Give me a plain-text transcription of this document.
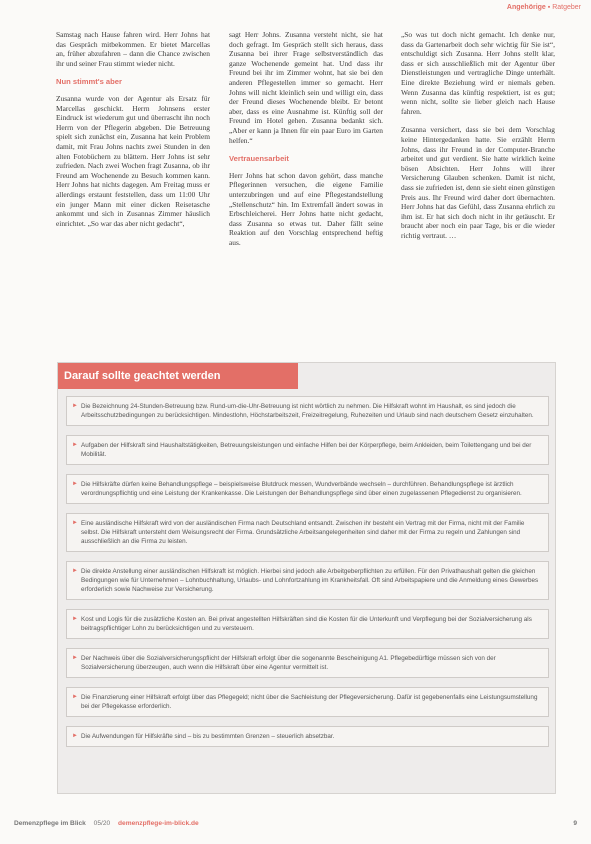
Angehörige ▪ Ratgeber

Samstag nach Hause fahren wird. Herr Johns hat das Gespräch mitbekommen. Er bietet Marcellas an, früher abzufahren – dann die Chance zwischen ihr und seiner Frau stimmt wieder nicht.

Nun stimmt's aber

Zusanna wurde von der Agentur als Ersatz für Marcellas geschickt. Herrn Johnsens erster Eindruck ist wiederum gut und überrascht ihn noch Herrn von der Pflegerin abgeben. Die Betreuung spielt sich zunächst ein, Zusanna hat kein Problem damit, mit Frau Johns nachts zwei Stunden in den alten Fotobüchern zu blättern. Herr Johns ist sehr zufrieden. Nach zwei Wochen fragt Zusanna, ob ihr Freund am Wochenende zu Besuch kommen kann. Herr Johns hat nichts dagegen. Am Freitag muss er allerdings erstaunt feststellen, dass um 11:00 Uhr ein junger Mann mit einer dicken Reisetasche ankommt und sich in Zusannas Zimmer häuslich einrichtet. „So war das aber nicht gedacht“,

sagt Herr Johns. Zusanna versteht nicht, sie hat doch gefragt. Im Gespräch stellt sich heraus, dass Zusanna bei ihrer Frage selbstverständlich das ganze Wochenende gemeint hat. Und dass ihr Freund bei ihr im Zimmer wohnt, hat sie bei den anderen Pflegestellen immer so gemacht. Herr Johns will nicht kleinlich sein und willigt ein, dass der Freund dieses Wochenende bleibt. Er betont aber, dass es eine Ausnahme ist. Künftig soll der Freund im Hotel gehen. Zusanna bedankt sich. „Aber er kann ja Ihnen für ein paar Euro im Garten helfen.“

Vertrauensarbeit

Herr Johns hat schon davon gehört, dass manche Pflegerinnen versuchen, die eigene Familie unterzubringen und auf eine Pflegestandstellung „Stellenschutz“ hin. Im Extremfall ändert sowas in Erbschleicherei. Herr Johns hatte nicht gedacht, dass Zusanna so etwas tut. Daher fällt seine Reaktion auf den Vorschlag entsprechend heftig aus.

„So was tut doch nicht gemacht. Ich denke nur, dass da Gartenarbeit doch sehr wichtig für Sie ist“, entschuldigt sich Zusanna. Herr Johns stellt klar, dass er sich ausschließlich mit der Agentur über Dienstleistungen und vertragliche Dinge unterhält. Eine direkte Beziehung wird er niemals geben. Wenn Zusanna das künftig respektiert, ist es gut; wenn nicht, sollte sie lieber gleich nach Hause fahren.

Zusanna versichert, dass sie bei dem Vorschlag keine Hintergedanken hatte. Sie erzählt Herrn Johns, dass ihr Freund in der Computer-Branche arbeitet und gut verdient. Sie hatte wirklich keine bösen Absichten. Herr Johns will ihrer Versicherung Glauben schenken. Damit ist nicht, dass sie zufrieden ist, denn sie sieht einen günstigen Preis aus. Ihr Freund wird daher dort übernachten. Herr Johns hat das Gefühl, dass Zusanna ehrlich zu ihm ist. Er hat sich doch nicht in ihr getäuscht. Er braucht aber noch ein paar Tage, bis er die wieder richtig vertraut. …

Darauf sollte geachtet werden
► Die Bezeichnung 24-Stunden-Betreuung bzw. Rund-um-die-Uhr-Betreuung ist nicht wörtlich zu nehmen. Die Hilfskraft wohnt im Haushalt, es sind jedoch die Arbeitsschutzbedingungen zu berücksichtigen. Mindestlohn, Höchstarbeitszeit, Freizeitregelung, Ruhezeiten und Urlaub sind nach deutschem Gesetz einzuhalten.
► Aufgaben der Hilfskraft sind Haushaltstätigkeiten, Betreuungsleistungen und einfache Hilfen bei der Körperpflege, beim Ankleiden, beim Toilettengang und bei der Mobilität.
► Die Hilfskräfte dürfen keine Behandlungspflege – beispielsweise Blutdruck messen, Wundverbände wechseln – durchführen. Behandlungspflege ist ärztlich verordnungspflichtig und eine Leistung der Krankenkasse. Die Leistungen der Behandlungspflege sind über einen zugelassenen Pflegedienst zu organisieren.
► Eine ausländische Hilfskraft wird von der ausländischen Firma nach Deutschland entsandt. Zwischen ihr besteht ein Vertrag mit der Firma, nicht mit der Familie selbst. Die Hilfskraft untersteht dem Weisungsrecht der Firma. Grundsätzliche Arbeitsangelegenheiten sind daher mit der Firma zu regeln und Zahlungen sind ausschließlich an die Firma zu leisten.
► Die direkte Anstellung einer ausländischen Hilfskraft ist möglich. Hierbei sind jedoch alle Arbeitgeberpflichten zu erfüllen. Für den Privathaushalt gelten die gleichen Bedingungen wie für Unternehmen – Lohnbuchhaltung, Urlaubs- und Lohnfortzahlung im Krankheitsfall. Oft sind Arbeitspapiere und die Anmeldung eines Gewerbes erforderlich sowie Nachweise zur Versicherung.
► Kost und Logis für die zusätzliche Kosten an. Bei privat angestellten Hilfskräften sind die Kosten für die Unterkunft und Verpflegung bei der Sozialversicherung als beitragspflichtiger Lohn zu berücksichtigen und zu versteuern.
► Der Nachweis über die Sozialversicherungspflicht der Hilfskraft erfolgt über die sogenannte Bescheinigung A1. Pflegebedürftige müssen sich von der Sozialversicherung überzeugen, auch wenn die Hilfskraft über eine Agentur vermittelt ist.
► Die Finanzierung einer Hilfskraft erfolgt über das Pflegegeld; nicht über die Sachleistung der Pflegeversicherung. Dafür ist gegebenenfalls eine Leistungsumstellung bei der Pflegekasse erforderlich.
► Die Aufwendungen für Hilfskräfte sind – bis zu bestimmten Grenzen – steuerlich absetzbar.
Demenzpflege im Blick 05/20 demenzpflege-im-blick.de	9
